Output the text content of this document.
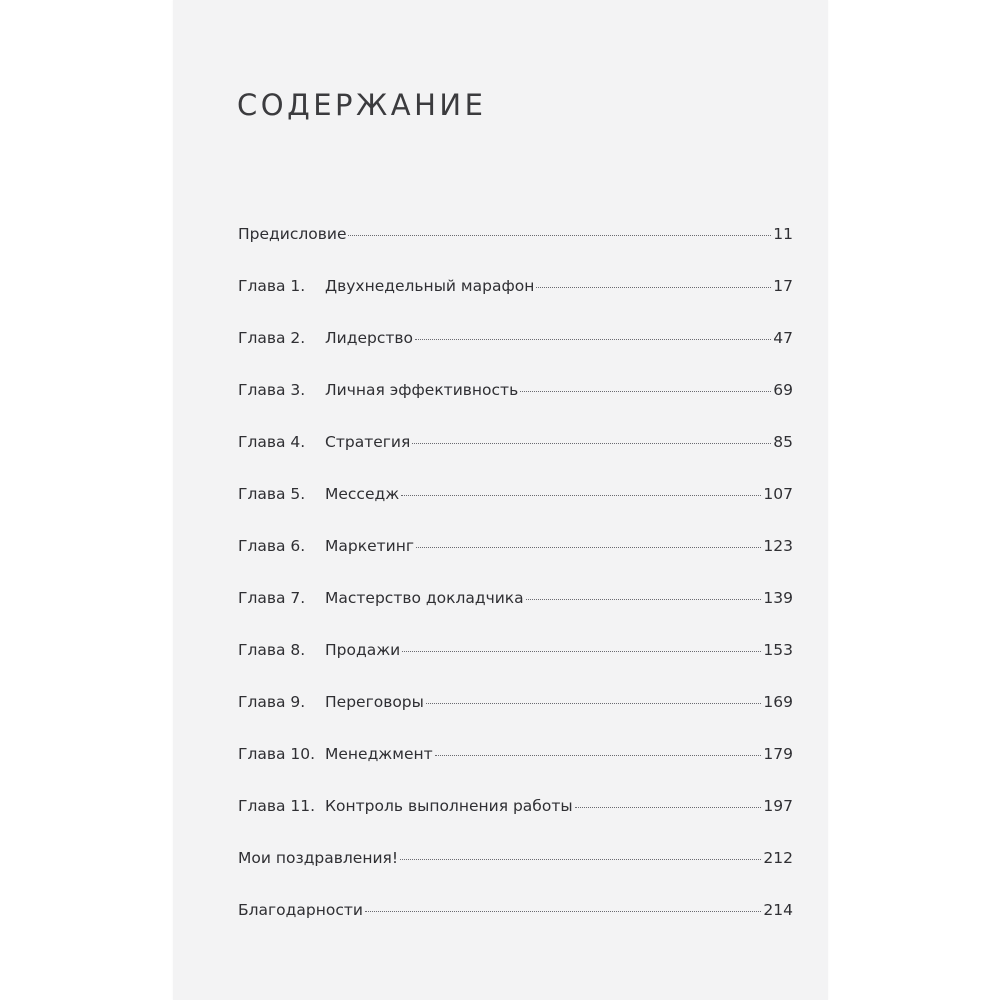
СОДЕРЖАНИЕ
Предисловие	11
Глава 1.	Двухнедельный марафон	17
Глава 2.	Лидерство	47
Глава 3.	Личная эффективность	69
Глава 4.	Стратегия	85
Глава 5.	Месседж	107
Глава 6.	Маркетинг	123
Глава 7.	Мастерство докладчика	139
Глава 8.	Продажи	153
Глава 9.	Переговоры	169
Глава 10. Менеджмент	179
Глава 11. Контроль выполнения работы	197
Мои поздравления!	212
Благодарности	214
